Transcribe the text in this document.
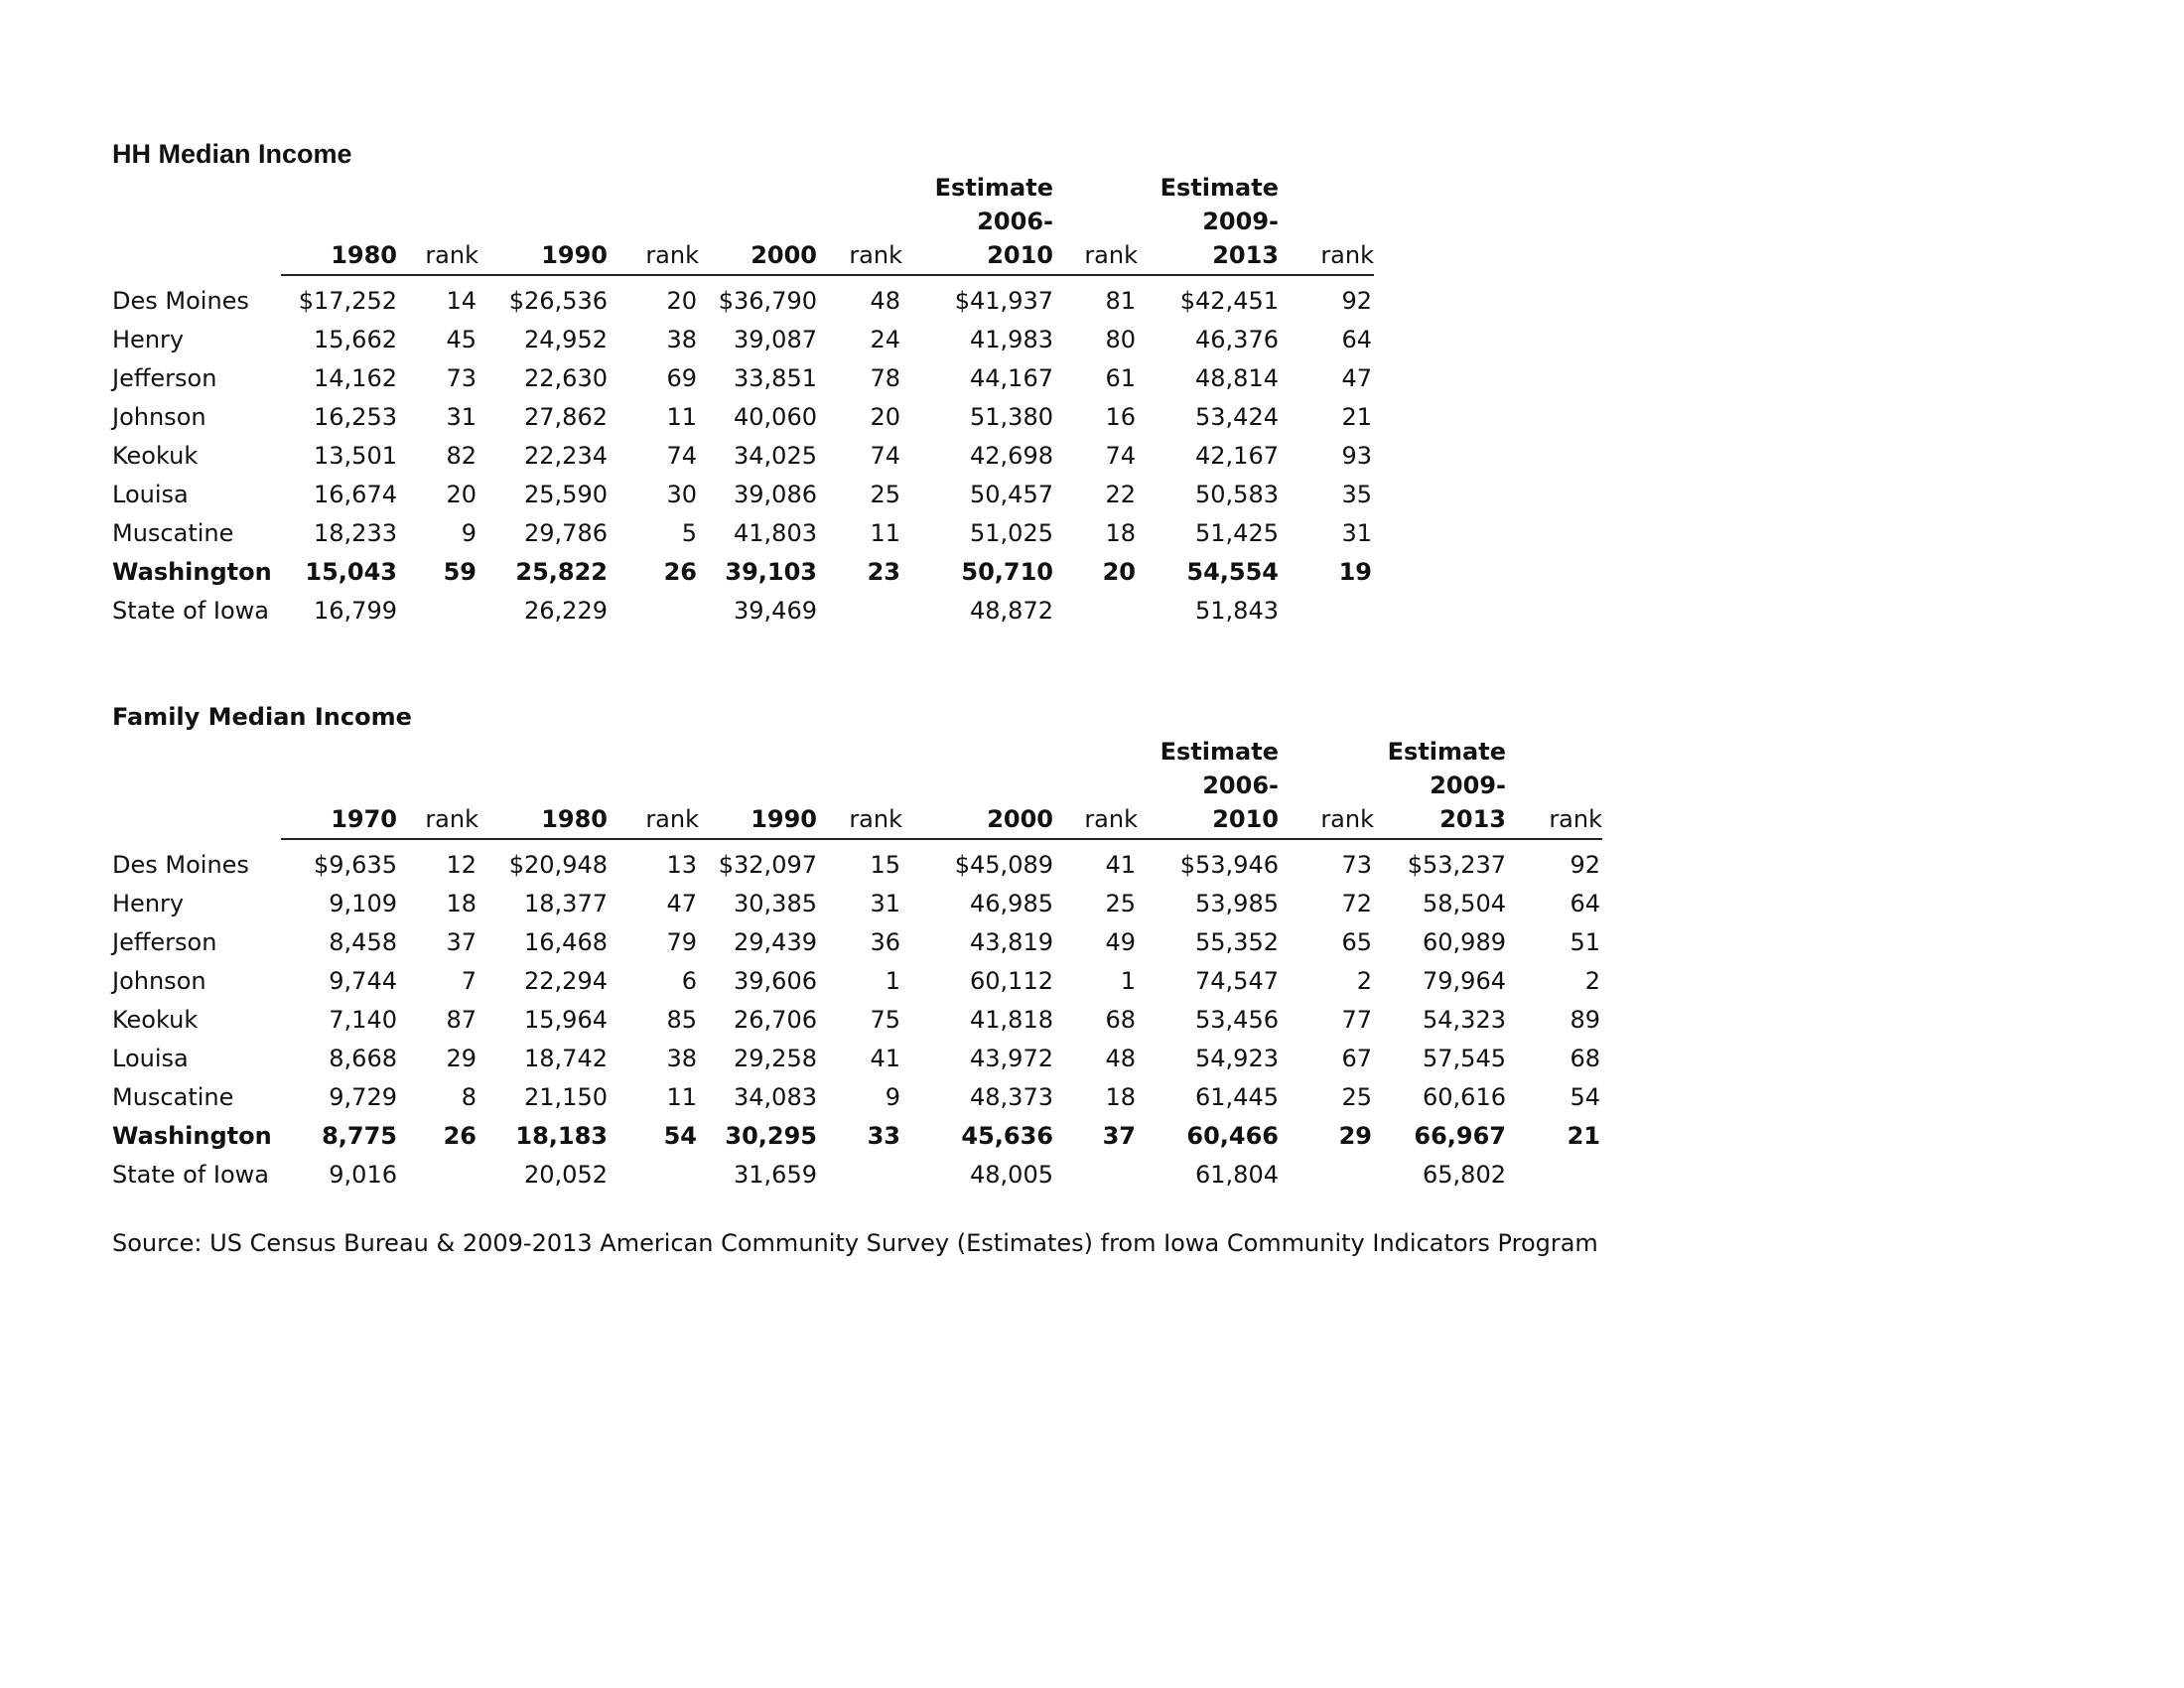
HH Median Income
							Estimate		Estimate	
							2006-		2009-	
	1980	rank	1990	rank	2000	rank	2010	rank	2013	rank
Des Moines	$17,252	14	$26,536	20	$36,790	48	$41,937	81	$42,451	92
Henry	15,662	45	24,952	38	39,087	24	41,983	80	46,376	64
Jefferson	14,162	73	22,630	69	33,851	78	44,167	61	48,814	47
Johnson	16,253	31	27,862	11	40,060	20	51,380	16	53,424	21
Keokuk	13,501	82	22,234	74	34,025	74	42,698	74	42,167	93
Louisa	16,674	20	25,590	30	39,086	25	50,457	22	50,583	35
Muscatine	18,233	9	29,786	5	41,803	11	51,025	18	51,425	31
Washington	15,043	59	25,822	26	39,103	23	50,710	20	54,554	19
State of Iowa	16,799		26,229		39,469		48,872		51,843	
Family Median Income
									Estimate		Estimate	
									2006-		2009-	
	1970	rank	1980	rank	1990	rank	2000	rank	2010	rank	2013	rank
Des Moines	$9,635	12	$20,948	13	$32,097	15	$45,089	41	$53,946	73	$53,237	92
Henry	9,109	18	18,377	47	30,385	31	46,985	25	53,985	72	58,504	64
Jefferson	8,458	37	16,468	79	29,439	36	43,819	49	55,352	65	60,989	51
Johnson	9,744	7	22,294	6	39,606	1	60,112	1	74,547	2	79,964	2
Keokuk	7,140	87	15,964	85	26,706	75	41,818	68	53,456	77	54,323	89
Louisa	8,668	29	18,742	38	29,258	41	43,972	48	54,923	67	57,545	68
Muscatine	9,729	8	21,150	11	34,083	9	48,373	18	61,445	25	60,616	54
Washington	8,775	26	18,183	54	30,295	33	45,636	37	60,466	29	66,967	21
State of Iowa	9,016		20,052		31,659		48,005		61,804		65,802	
Source: US Census Bureau & 2009-2013 American Community Survey (Estimates) from Iowa Community Indicators Program
